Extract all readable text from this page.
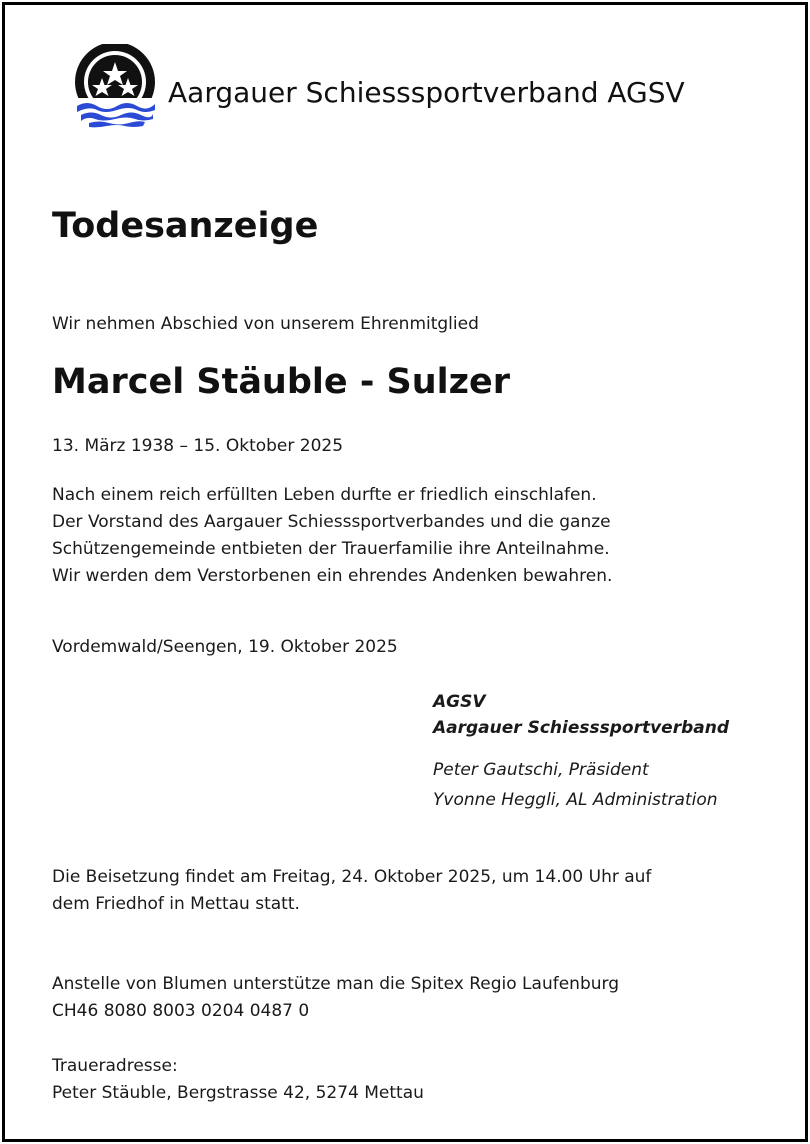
Aargauer Schiesssportverband AGSV
Todesanzeige
Wir nehmen Abschied von unserem Ehrenmitglied
Marcel Stäuble - Sulzer
13. März 1938 – 15. Oktober 2025
Nach einem reich erfüllten Leben durfte er friedlich einschlafen.
Der Vorstand des Aargauer Schiesssportverbandes und die ganze
Schützengemeinde entbieten der Trauerfamilie ihre Anteilnahme.
Wir werden dem Verstorbenen ein ehrendes Andenken bewahren.
Vordemwald/Seengen, 19. Oktober 2025
AGSV
Aargauer Schiesssportverband
Peter Gautschi, Präsident
Yvonne Heggli, AL Administration
Die Beisetzung findet am Freitag, 24. Oktober 2025, um 14.00 Uhr auf
dem Friedhof in Mettau statt.
Anstelle von Blumen unterstütze man die Spitex Regio Laufenburg
CH46 8080 8003 0204 0487 0
Traueradresse:
Peter Stäuble, Bergstrasse 42, 5274 Mettau
